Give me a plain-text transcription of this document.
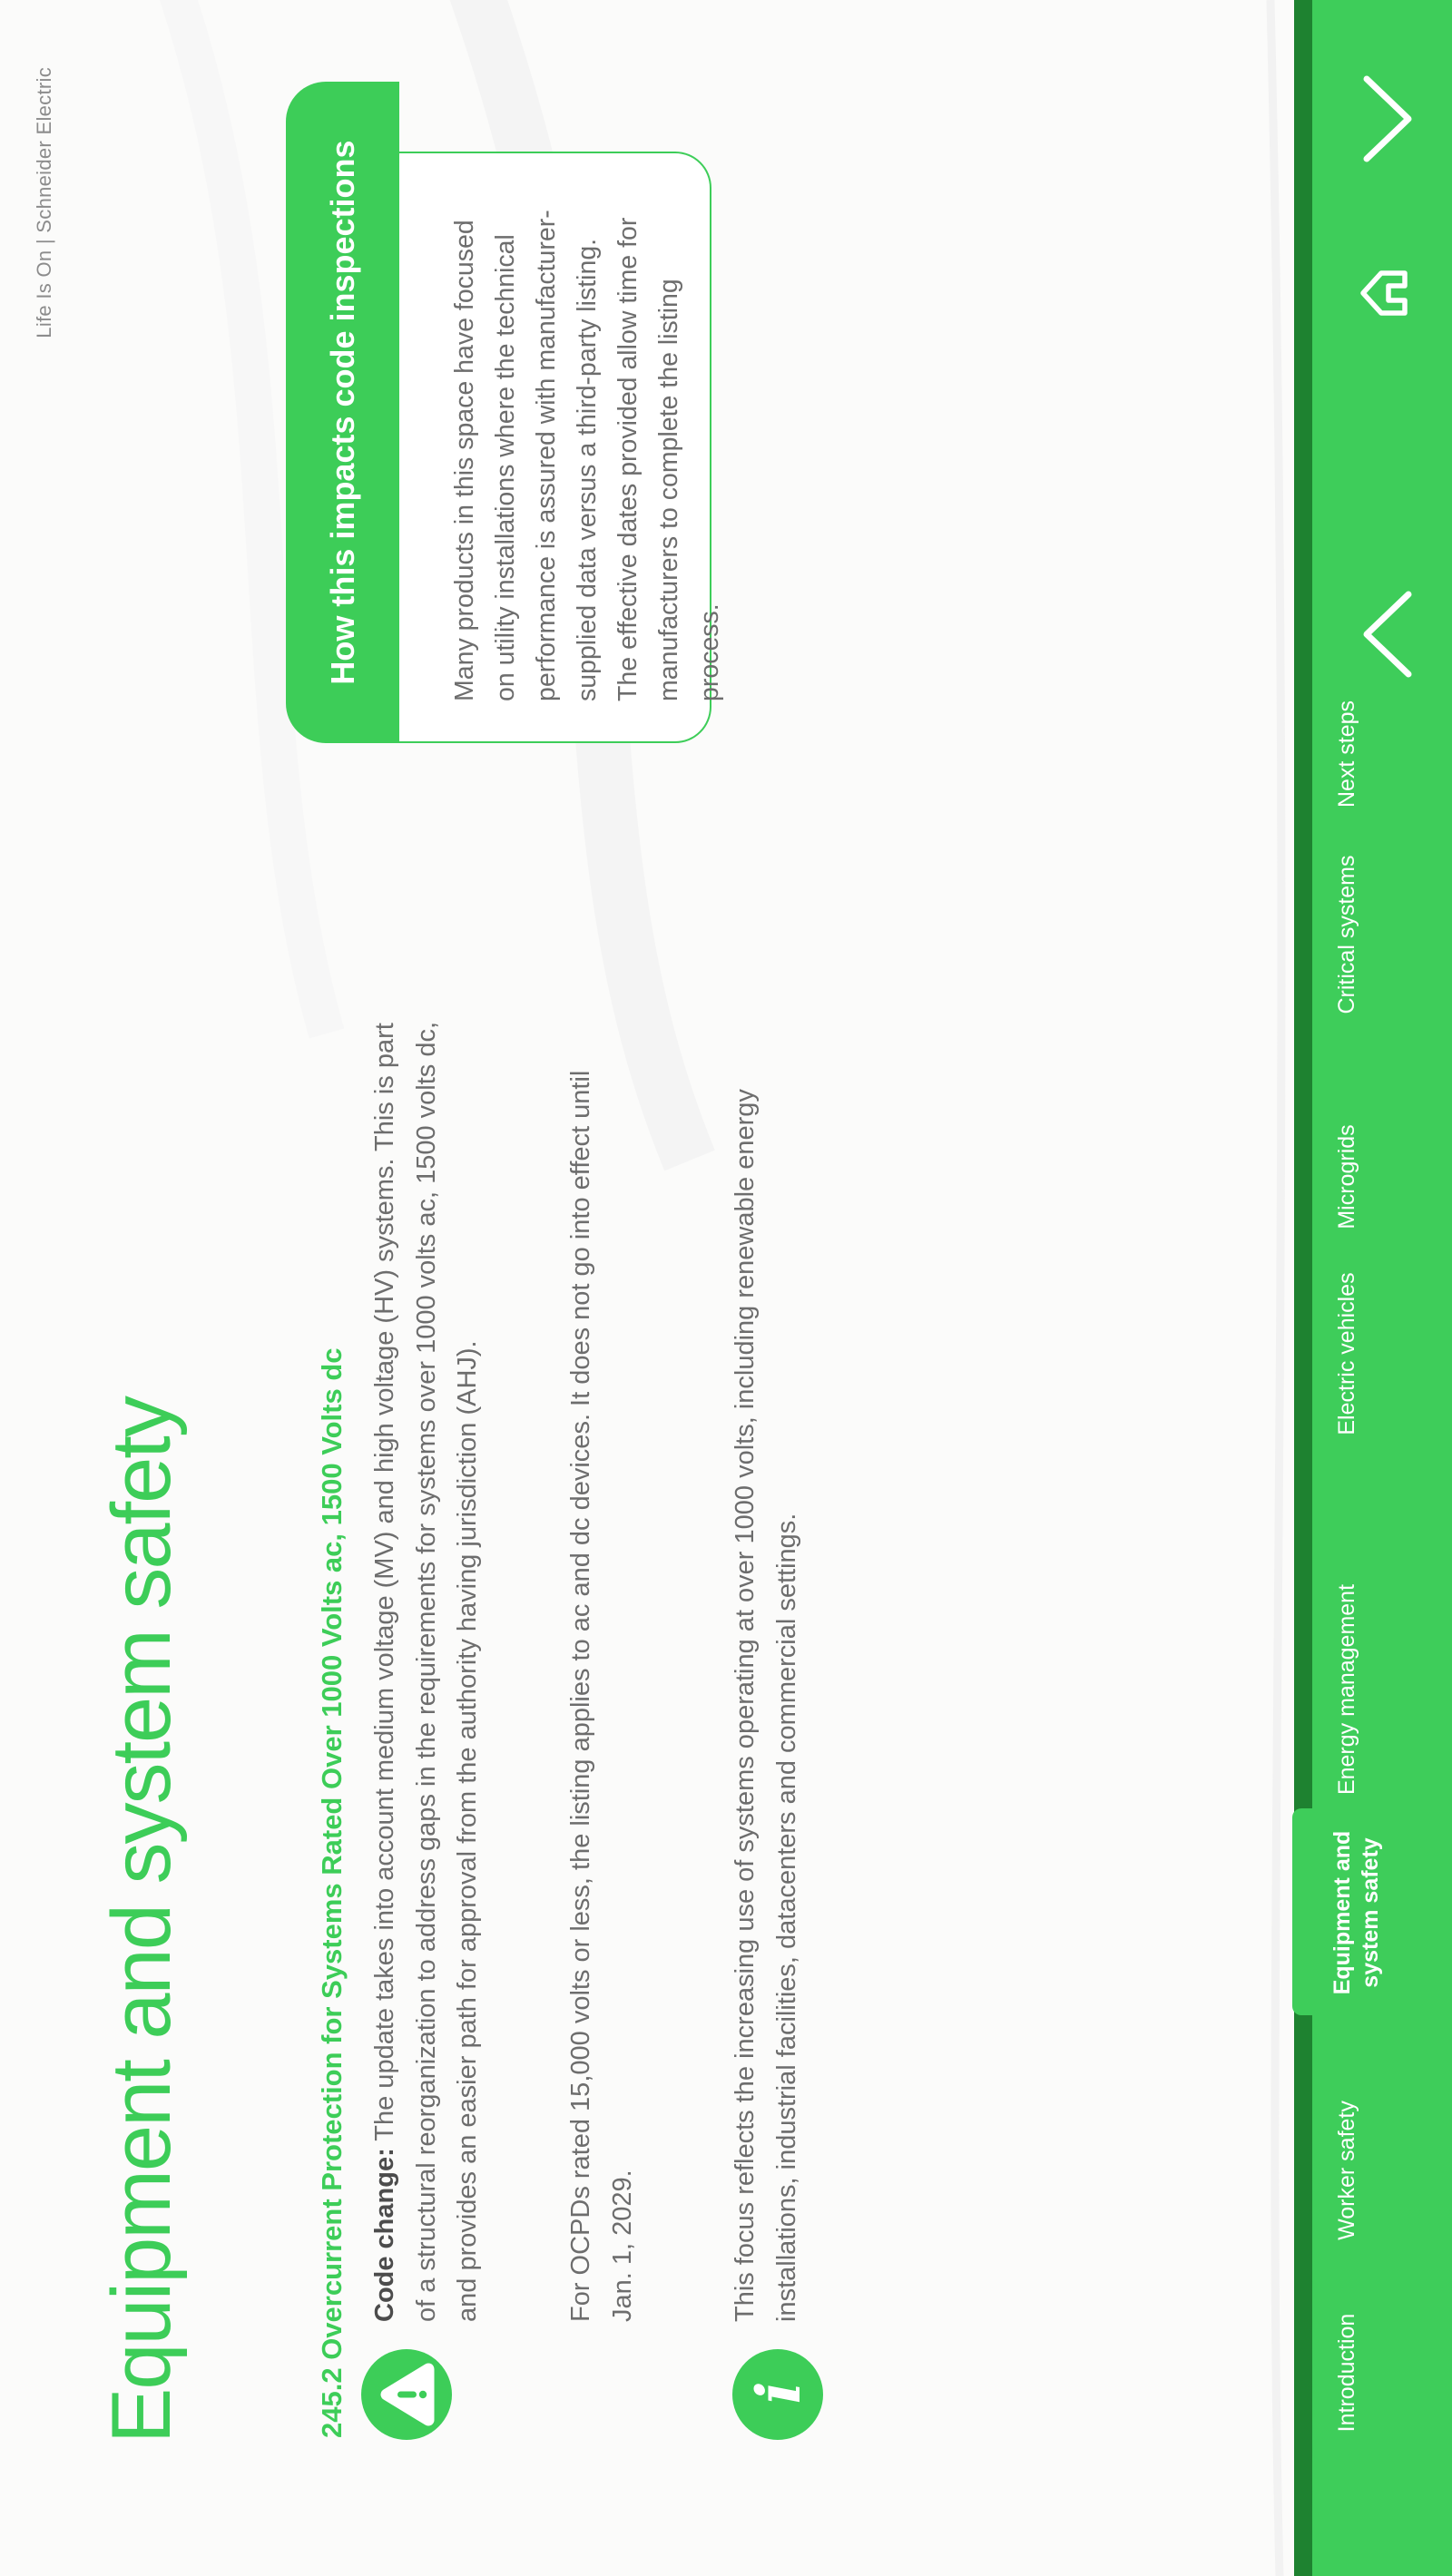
Life Is On | Schneider Electric
Equipment and system safety	245.2 Overcurrent Protection for Systems Rated Over 1000 Volts ac, 1500 Volts dc Code change: The update takes into account medium voltage (MV) and high voltage (HV) systems. This is part of a structural reorganization to address gaps in the requirements for systems over 1000 volts ac, 1500 volts dc, and provides an easier path for approval from the authority having jurisdiction (AHJ).	For OCPDs rated 15,000 volts or less, the listing applies to ac and dc devices. It does not go into effect until Jan. 1, 2029.
i
This focus reflects the increasing use of systems operating at over 1000 volts, including renewable energy installations, industrial facilities, datacenters and commercial settings.
How this impacts code inspections	Many products in this space have focused on utility installations where the technical performance is assured with manufacturer- supplied data versus a third-party listing. The effective dates provided allow time for manufacturers to complete the listing process.
Introduction
Worker safety
Equipment and system safety
Energy management
Electric vehicles
Microgrids
Critical systems
Next steps
